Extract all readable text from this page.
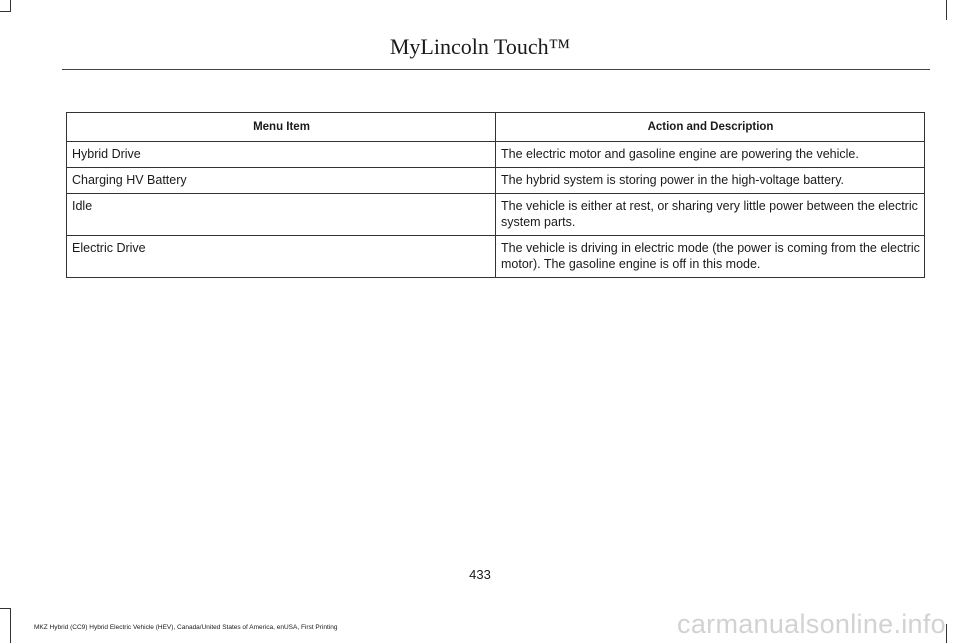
MyLincoln Touch™
Menu Item	Action and Description
Hybrid Drive	The electric motor and gasoline engine are powering the vehicle.
Charging HV Battery	The hybrid system is storing power in the high-voltage battery.
Idle	The vehicle is either at rest, or sharing very little power between the electric system parts.
Electric Drive	The vehicle is driving in electric mode (the power is coming from the electric motor). The gasoline engine is off in this mode.
433
MKZ Hybrid (CC9) Hybrid Electric Vehicle (HEV), Canada/United States of America, enUSA, First Printing	carmanualsonline.info
